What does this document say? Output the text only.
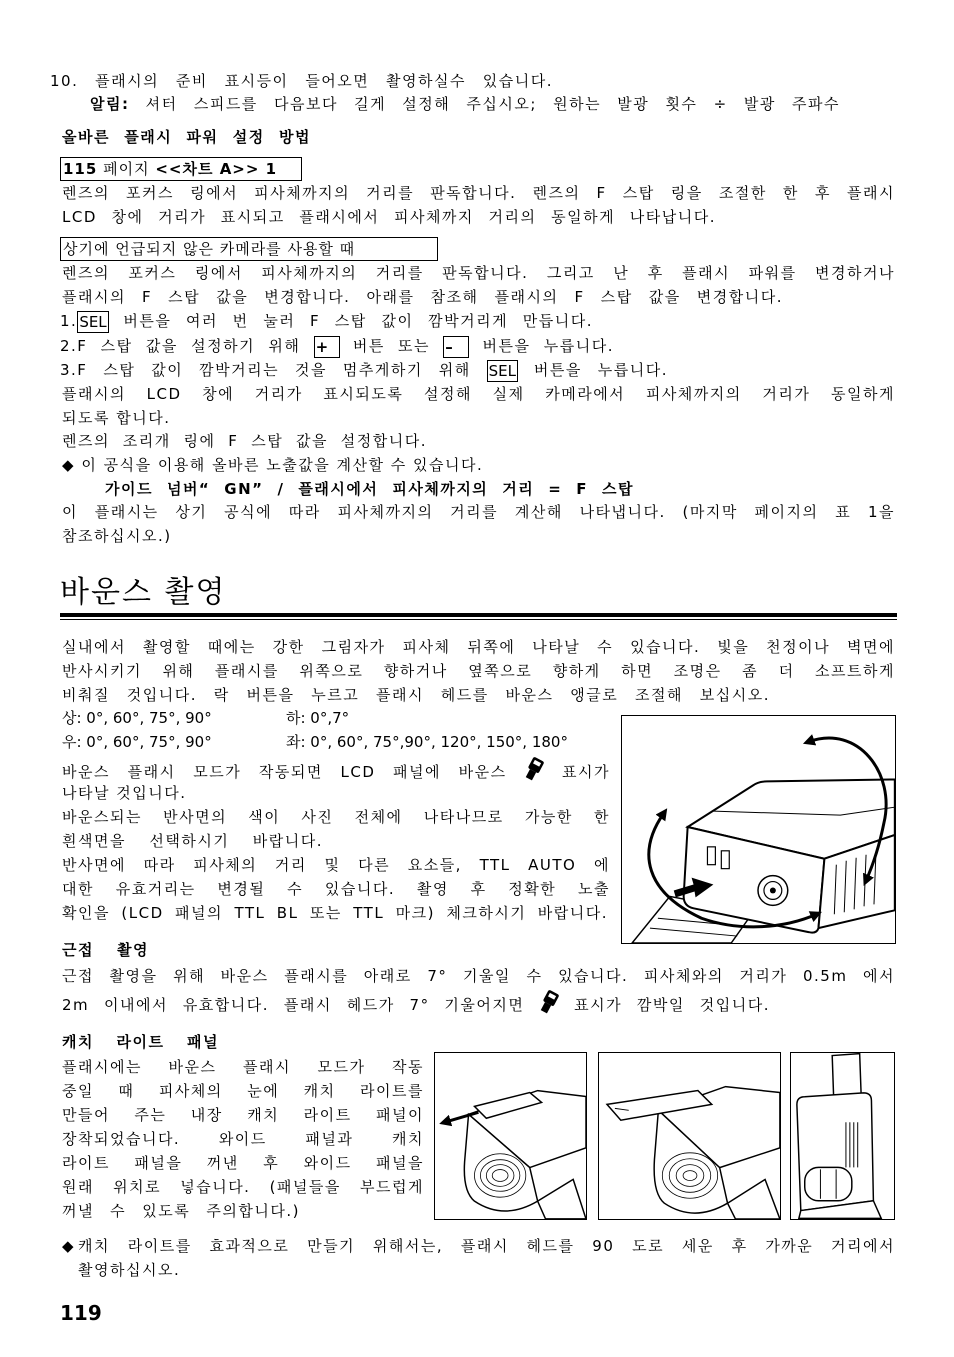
10. 플래시의 준비 표시등이 들어오면 촬영하실수 있습니다.
알림: 셔터 스피드를 다음보다 길게 설정해 주십시오; 원하는 발광 횟수 ÷ 발광 주파수
올바른 플래시 파워 설정 방법
115 페이지 <<차트 A>> 1
렌즈의 포커스 링에서 피사체까지의 거리를 판독합니다. 렌즈의 F 스탑 링을 조절한 한 후 플래시
LCD 창에 거리가 표시되고 플래시에서 피사체까지 거리의 동일하게 나타납니다.
상기에 언급되지 않은 카메라를 사용할 때
렌즈의 포커스 링에서 피사체까지의 거리를 판독합니다. 그리고 난 후 플래시 파워를 변경하거나
플래시의 F 스탑 값을 변경합니다. 아래를 참조해 플래시의 F 스탑 값을 변경합니다.
1. SEL 버튼을 여러 번 눌러 F 스탑 값이 깜박거리게 만듭니다.
2.F 스탑 값을 설정하기 위해 + 버튼 또는 – 버튼을 누릅니다.
3.F 스탑 값이 깜박거리는 것을 멈추게하기 위해 SEL 버튼을 누릅니다.
플래시의 LCD 창에 거리가 표시되도록 설정해 실제 카메라에서 피사체까지의 거리가 동일하게
되도록 합니다.
렌즈의 조리개 링에 F 스탑 값을 설정합니다.
◆ 이 공식을 이용해 올바른 노출값을 계산할 수 있습니다.
가이드 넘버“ GN” / 플래시에서 피사체까지의 거리 = F 스탑
이 플래시는 상기 공식에 따라 피사체까지의 거리를 계산해 나타냅니다. (마지막 페이지의 표 1을
참조하십시오.)
바운스 촬영
실내에서 촬영할 때에는 강한 그림자가 피사체 뒤쪽에 나타날 수 있습니다. 빛을 천정이나 벽면에
반사시키기 위해 플래시를 위쪽으로 향하거나 옆쪽으로 향하게 하면 조명은 좀 더 소프트하게
비춰질 것입니다. 락 버튼을 누르고 플래시 헤드를 바운스 앵글로 조절해 보십시오.
상: 0°, 60°, 75°, 90°	하: 0°,7°
우: 0°, 60°, 75°, 90°	좌: 0°, 60°, 75°,90°, 120°, 150°, 180°
바운스 플래시 모드가 작동되면 LCD 패널에 바운스	표시가
나타날 것입니다.
바운스되는 반사면의 색이 사진 전체에 나타나므로 가능한 한
흰색면을 선택하시기 바랍니다.
반사면에 따라 피사체의 거리 및 다른 요소들, TTL AUTO 에
대한 유효거리는 변경될 수 있습니다. 촬영 후 정확한 노출
확인을 (LCD 패널의 TTL BL 또는 TTL 마크) 체크하시기 바랍니다.
근접 촬영
근접 촬영을 위해 바운스 플래시를 아래로 7° 기울일 수 있습니다. 피사체와의 거리가 0.5m 에서
2m 이내에서 유효합니다. 플래시 헤드가 7° 기울어지면	표시가 깜박일 것입니다.
캐치 라이트 패널
플래시에는 바운스 플래시 모드가 작동
중일 때 피사체의 눈에 캐치 라이트를
만들어 주는 내장 캐치 라이트 패널이
장착되었습니다. 와이드 패널과 캐치
라이트 패널을 꺼낸 후 와이드 패널을
원래 위치로 넣습니다. (패널들을 부드럽게
꺼낼 수 있도록 주의합니다.)
◆ 캐치 라이트를 효과적으로 만들기 위해서는, 플래시 헤드를 90 도로 세운 후 가까운 거리에서
촬영하십시오.
119
